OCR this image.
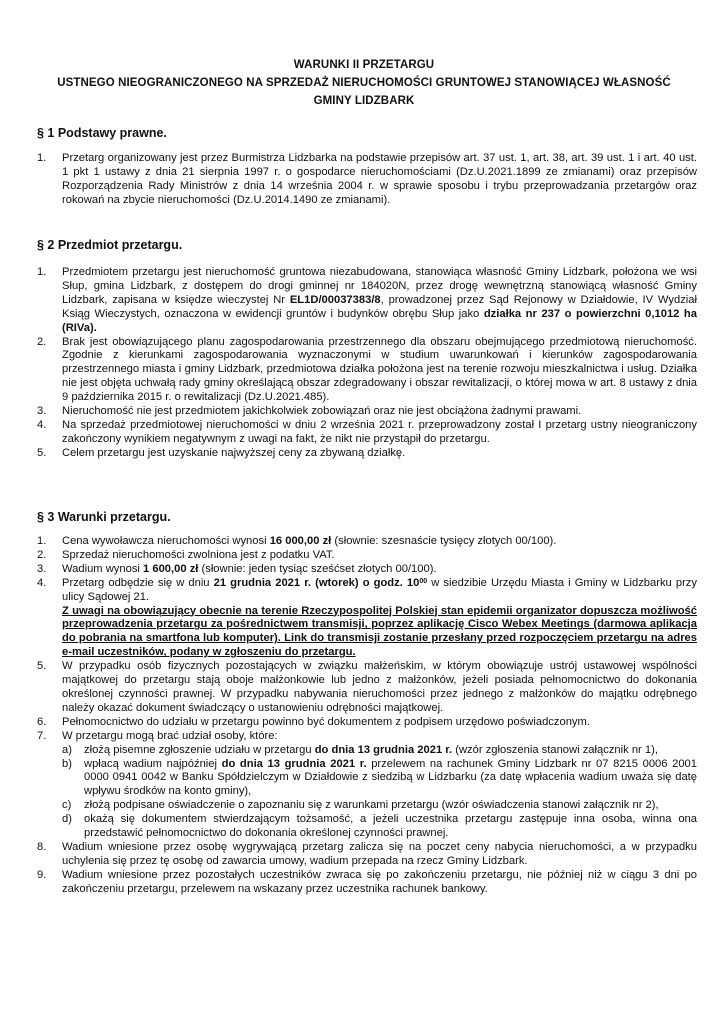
WARUNKI II PRZETARGU
USTNEGO NIEOGRANICZONEGO NA SPRZEDAŻ NIERUCHOMOŚCI GRUNTOWEJ STANOWIĄCEJ WŁASNOŚĆ
GMINY LIDZBARK
§ 1 Podstawy prawne.
1.	Przetarg organizowany jest przez Burmistrza Lidzbarka na podstawie przepisów art. 37 ust. 1, art. 38, art. 39 ust. 1 i art. 40 ust. 1 pkt 1 ustawy z dnia 21 sierpnia 1997 r. o gospodarce nieruchomościami (Dz.U.2021.1899 ze zmianami) oraz przepisów Rozporządzenia Rady Ministrów z dnia 14 września 2004 r. w sprawie sposobu i trybu przeprowadzania przetargów oraz rokowań na zbycie nieruchomości (Dz.U.2014.1490 ze zmianami).
§ 2 Przedmiot przetargu.
1.	Przedmiotem przetargu jest nieruchomość gruntowa niezabudowana, stanowiąca własność Gminy Lidzbark, położona we wsi Słup, gmina Lidzbark, z dostępem do drogi gminnej nr 184020N, przez drogę wewnętrzną stanowiącą własność Gminy Lidzbark, zapisana w księdze wieczystej Nr EL1D/00037383/8, prowadzonej przez Sąd Rejonowy w Działdowie, IV Wydział Ksiąg Wieczystych, oznaczona w ewidencji gruntów i budynków obrębu Słup jako działka nr 237 o powierzchni 0,1012 ha (RIVa).
2.	Brak jest obowiązującego planu zagospodarowania przestrzennego dla obszaru obejmującego przedmiotową nieruchomość. Zgodnie z kierunkami zagospodarowania wyznaczonymi w studium uwarunkowań i kierunków zagospodarowania przestrzennego miasta i gminy Lidzbark, przedmiotowa działka położona jest na terenie rozwoju mieszkalnictwa i usług. Działka nie jest objęta uchwałą rady gminy określającą obszar zdegradowany i obszar rewitalizacji, o której mowa w art. 8 ustawy z dnia 9 października 2015 r. o rewitalizacji (Dz.U.2021.485).
3.	Nieruchomość nie jest przedmiotem jakichkolwiek zobowiązań oraz nie jest obciążona żadnymi prawami.
4.	Na sprzedaż przedmiotowej nieruchomości w dniu 2 września 2021 r. przeprowadzony został I przetarg ustny nieograniczony zakończony wynikiem negatywnym z uwagi na fakt, że nikt nie przystąpił do przetargu.
5.	Celem przetargu jest uzyskanie najwyższej ceny za zbywaną działkę.
§ 3 Warunki przetargu.
1.	Cena wywoławcza nieruchomości wynosi 16 000,00 zł (słownie: szesnaście tysięcy złotych 00/100).
2.	Sprzedaż nieruchomości zwolniona jest z podatku VAT.
3.	Wadium wynosi 1 600,00 zł (słownie: jeden tysiąc sześćset złotych 00/100).
4.	Przetarg odbędzie się w dniu 21 grudnia 2021 r. (wtorek) o godz. $10^{00}$ w siedzibie Urzędu Miasta i Gminy w Lidzbarku przy ulicy Sądowej 21.
Z uwagi na obowiązujący obecnie na terenie Rzeczypospolitej Polskiej stan epidemii organizator dopuszcza możliwość przeprowadzenia przetargu za pośrednictwem transmisji, poprzez aplikację Cisco Webex Meetings (darmowa aplikacja do pobrania na smartfona lub komputer). Link do transmisji zostanie przesłany przed rozpoczęciem przetargu na adres e-mail uczestników, podany w zgłoszeniu do przetargu.
5.	W przypadku osób fizycznych pozostających w związku małżeńskim, w którym obowiązuje ustrój ustawowej wspólności majątkowej do przetargu stają oboje małżonkowie lub jedno z małżonków, jeżeli posiada pełnomocnictwo do dokonania określonej czynności prawnej. W przypadku nabywania nieruchomości przez jednego z małżonków do majątku odrębnego należy okazać dokument świadczący o ustanowieniu odrębności majątkowej.
6.	Pełnomocnictwo do udziału w przetargu powinno być dokumentem z podpisem urzędowo poświadczonym.
7.	W przetargu mogą brać udział osoby, które:
a)	złożą pisemne zgłoszenie udziału w przetargu do dnia 13 grudnia 2021 r. (wzór zgłoszenia stanowi załącznik nr 1),
b)	wpłacą wadium najpóźniej do dnia 13 grudnia 2021 r. przelewem na rachunek Gminy Lidzbark nr 07 8215 0006 2001 0000 0941 0042 w Banku Spółdzielczym w Działdowie z siedzibą w Lidzbarku (za datę wpłacenia wadium uważa się datę wpływu środków na konto gminy),
c)	złożą podpisane oświadczenie o zapoznaniu się z warunkami przetargu (wzór oświadczenia stanowi załącznik nr 2),
d)	okażą się dokumentem stwierdzającym tożsamość, a jeżeli uczestnika przetargu zastępuje inna osoba, winna ona przedstawić pełnomocnictwo do dokonania określonej czynności prawnej.
8.	Wadium wniesione przez osobę wygrywającą przetarg zalicza się na poczet ceny nabycia nieruchomości, a w przypadku uchylenia się przez tę osobę od zawarcia umowy, wadium przepada na rzecz Gminy Lidzbark.
9.	Wadium wniesione przez pozostałych uczestników zwraca się po zakończeniu przetargu, nie później niż w ciągu 3 dni po zakończeniu przetargu, przelewem na wskazany przez uczestnika rachunek bankowy.
